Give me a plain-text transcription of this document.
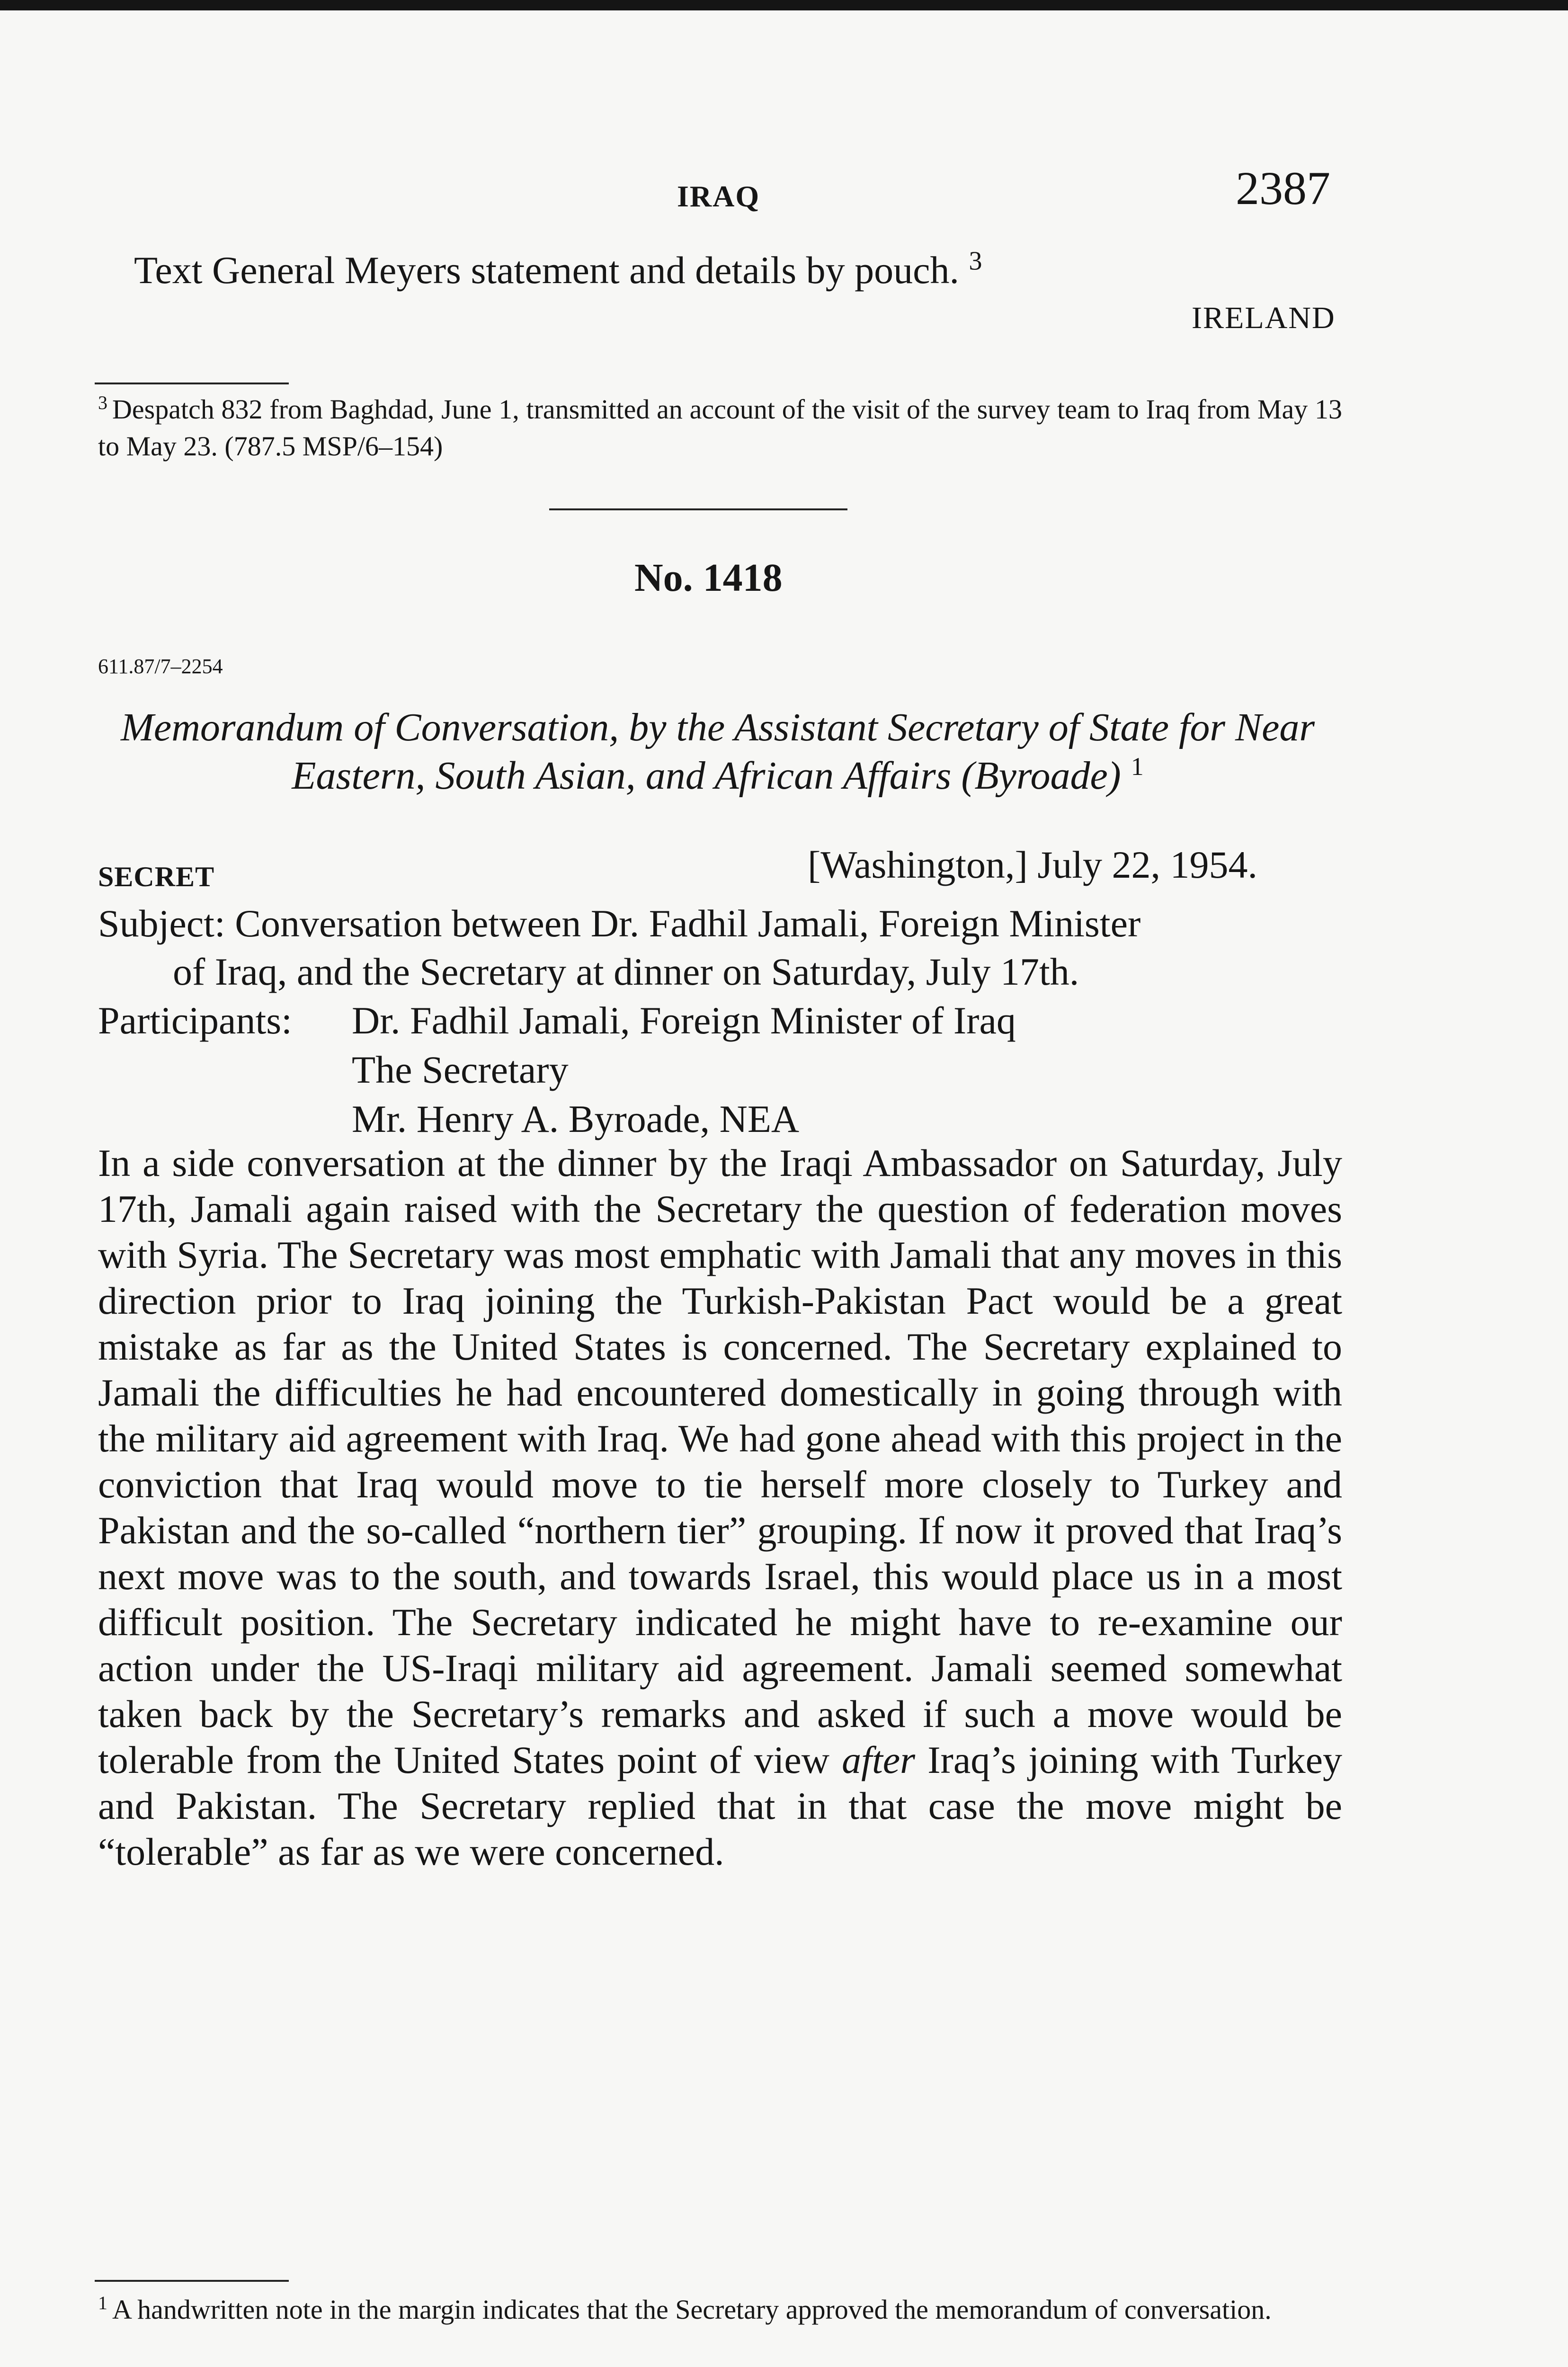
IRAQ	2387
Text General Meyers statement and details by pouch. $^3$
IRELAND
$^3$ Despatch 832 from Baghdad, June 1, transmitted an account of the visit of the survey team to Iraq from May 13 to May 23. (787.5 MSP/6–154)
No. 1418
611.87/7–2254
Memorandum of Conversation, by the Assistant Secretary of State for Near Eastern, South Asian, and African Affairs (Byroade) $^1$
SECRET	[Washington,] July 22, 1954.
Subject: Conversation between Dr. Fadhil Jamali, Foreign Minister
of Iraq, and the Secretary at dinner on Saturday, July 17th.
Participants:	Dr. Fadhil Jamali, Foreign Minister of Iraq
The Secretary
Mr. Henry A. Byroade, NEA

In a side conversation at the dinner by the Iraqi Ambassador on Saturday, July 17th, Jamali again raised with the Secretary the question of federation moves with Syria. The Secretary was most emphatic with Jamali that any moves in this direction prior to Iraq joining the Turkish-Pakistan Pact would be a great mistake as far as the United States is concerned. The Secretary explained to Jamali the difficulties he had encountered domestically in going through with the military aid agreement with Iraq. We had gone ahead with this project in the conviction that Iraq would move to tie herself more closely to Turkey and Pakistan and the so-called “northern tier” grouping. If now it proved that Iraq’s next move was to the south, and towards Israel, this would place us in a most difficult position. The Secretary indicated he might have to re-examine our action under the US-Iraqi military aid agreement. Jamali seemed somewhat taken back by the Secretary’s remarks and asked if such a move would be tolerable from the United States point of view after Iraq’s joining with Turkey and Pakistan. The Secretary replied that in that case the move might be “tolerable” as far as we were concerned.

$^1$ A handwritten note in the margin indicates that the Secretary approved the memorandum of conversation.
